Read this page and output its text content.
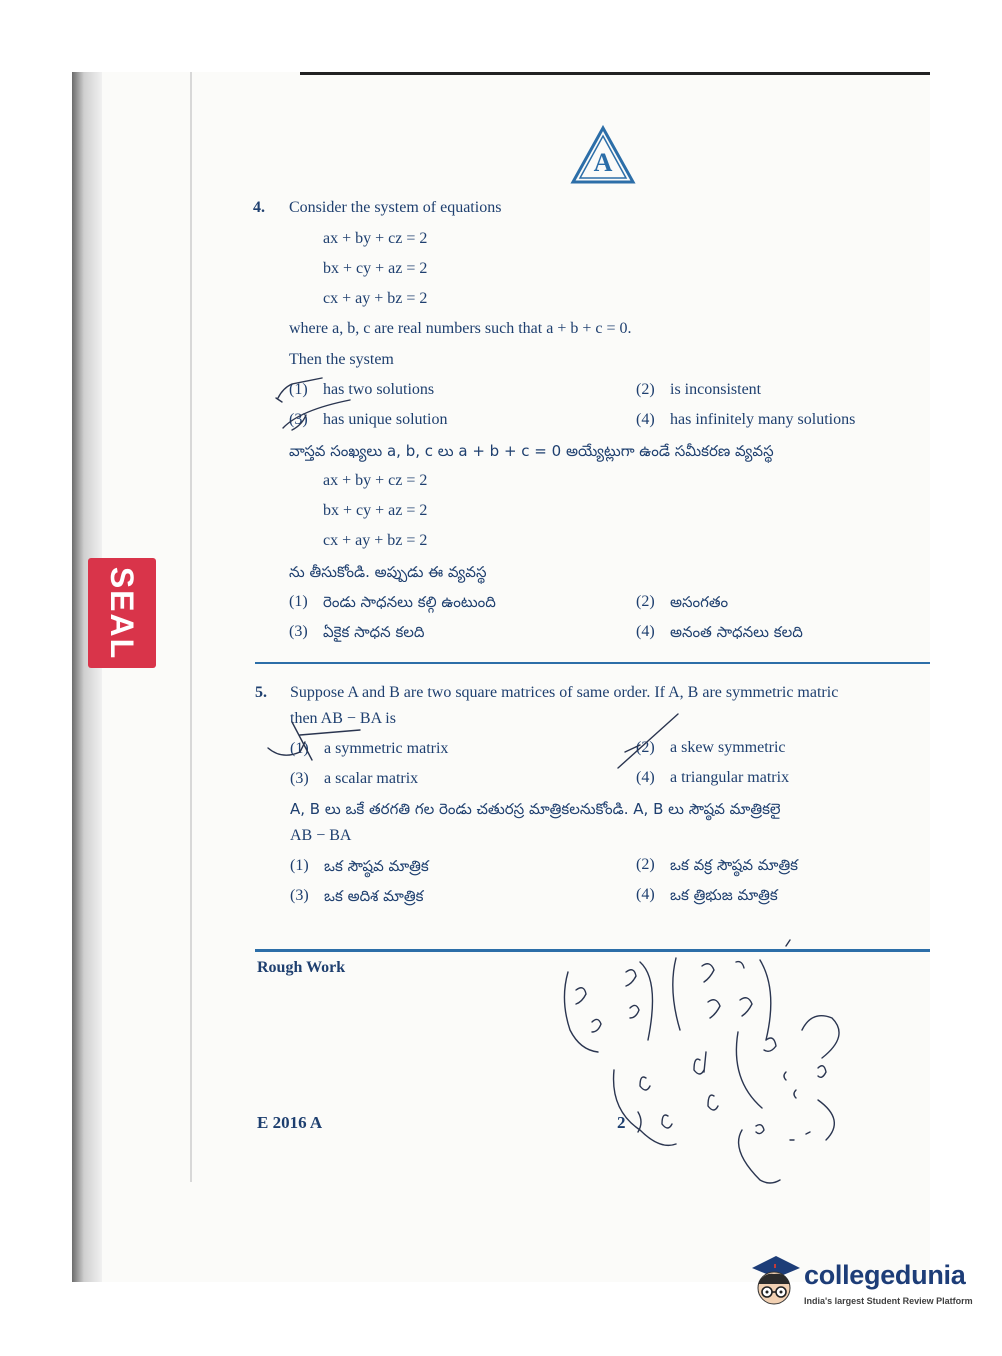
SEAL
A
4. Consider the system of equations
ax + by + cz = 2
bx + cy + az = 2
cx + ay + bz = 2
where a, b, c are real numbers such that a + b + c = 0.
Then the system
(1) has two solutions	(2) is inconsistent
(3) has unique solution	(4) has infinitely many solutions
వాస్తవ సంఖ్యలు a, b, c లు a + b + c = 0 అయ్యేట్లుగా ఉండే సమీకరణ వ్యవస్థ
ax + by + cz = 2
bx + cy + az = 2
cx + ay + bz = 2
ను తీసుకోండి. అప్పుడు ఈ వ్యవస్థ
(1) రెండు సాధనలు కల్గి ఉంటుంది	(2) అసంగతం
(3) ఏకైక సాధన కలది	(4) అనంత సాధనలు కలది
5. Suppose A and B are two square matrices of same order. If A, B are symmetric matric
then AB − BA is
(1) a symmetric matrix	(2) a skew symmetric
(3) a scalar matrix	(4) a triangular matrix
A, B లు ఒకే తరగతి గల రెండు చతురస్ర మాత్రికలనుకోండి. A, B లు సౌష్ఠవ మాత్రికలై
AB − BA
(1) ఒక సౌష్ఠవ మాత్రిక	(2) ఒక వక్ర సౌష్ఠవ మాత్రిక
(3) ఒక అదిశ మాత్రిక	(4) ఒక త్రిభుజ మాత్రిక
Rough Work
E 2016 A	2
collegedunia
India's largest Student Review Platform
